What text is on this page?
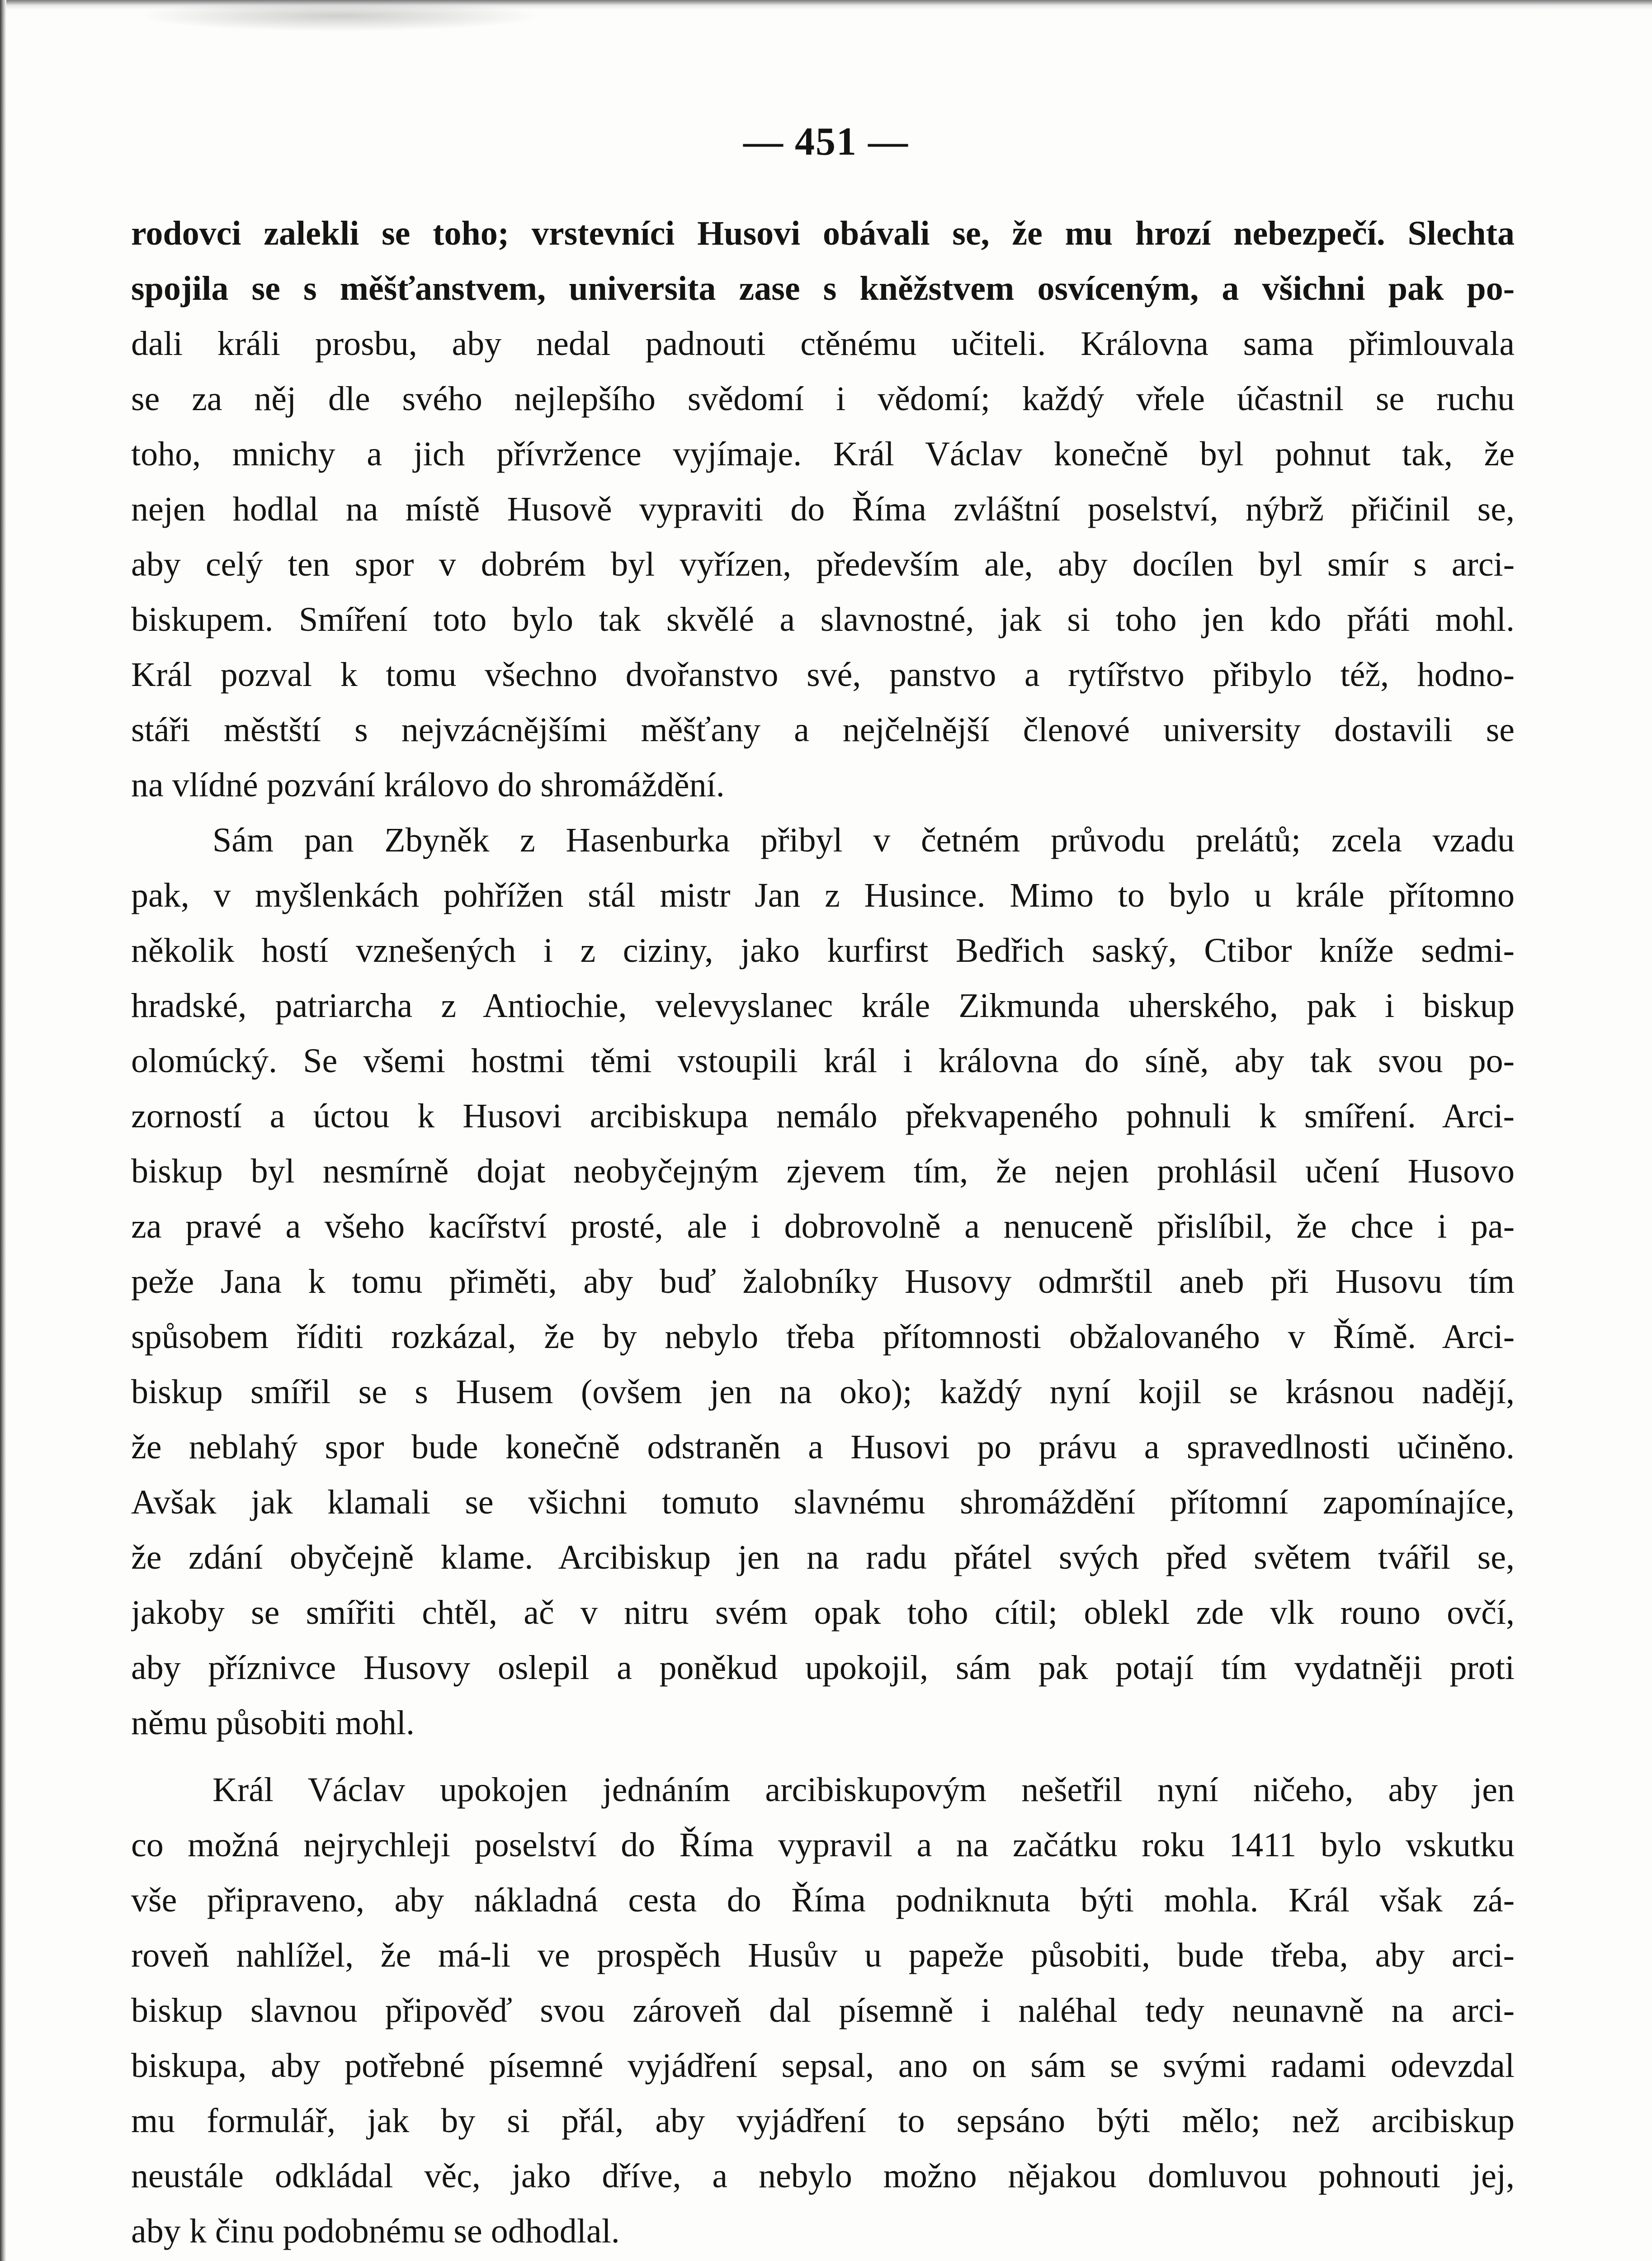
— 451 —
rodovci zalekli se toho; vrstevníci Husovi obávali se, že mu hrozí nebezpečí. Slechta
spojila se s měšťanstvem, universita zase s kněžstvem osvíceným, a všichni pak po-
dali králi prosbu, aby nedal padnouti ctěnému učiteli. Královna sama přimlouvala
se za něj dle svého nejlepšího svědomí i vědomí; každý vřele účastnil se ruchu
toho, mnichy a jich přívržence vyjímaje. Král Václav konečně byl pohnut tak, že
nejen hodlal na místě Husově vypraviti do Říma zvláštní poselství, nýbrž přičinil se,
aby celý ten spor v dobrém byl vyřízen, především ale, aby docílen byl smír s arci-
biskupem. Smíření toto bylo tak skvělé a slavnostné, jak si toho jen kdo přáti mohl.
Král pozval k tomu všechno dvořanstvo své, panstvo a rytířstvo přibylo též, hodno-
stáři městští s nejvzácnějšími měšťany a nejčelnější členové university dostavili se
na vlídné pozvání královo do shromáždění.
Sám pan Zbyněk z Hasenburka přibyl v četném průvodu prelátů; zcela vzadu
pak, v myšlenkách pohřížen stál mistr Jan z Husince. Mimo to bylo u krále přítomno
několik hostí vznešených i z ciziny, jako kurfirst Bedřich saský, Ctibor kníže sedmi-
hradské, patriarcha z Antiochie, velevyslanec krále Zikmunda uherského, pak i biskup
olomúcký. Se všemi hostmi těmi vstoupili král i královna do síně, aby tak svou po-
zorností a úctou k Husovi arcibiskupa nemálo překvapeného pohnuli k smíření. Arci-
biskup byl nesmírně dojat neobyčejným zjevem tím, že nejen prohlásil učení Husovo
za pravé a všeho kacířství prosté, ale i dobrovolně a nenuceně přislíbil, že chce i pa-
peže Jana k tomu přiměti, aby buď žalobníky Husovy odmrštil aneb při Husovu tím
spůsobem říditi rozkázal, že by nebylo třeba přítomnosti obžalovaného v Římě. Arci-
biskup smířil se s Husem (ovšem jen na oko); každý nyní kojil se krásnou nadějí,
že neblahý spor bude konečně odstraněn a Husovi po právu a spravedlnosti učiněno.
Avšak jak klamali se všichni tomuto slavnému shromáždění přítomní zapomínajíce,
že zdání obyčejně klame. Arcibiskup jen na radu přátel svých před světem tvářil se,
jakoby se smířiti chtěl, ač v nitru svém opak toho cítil; oblekl zde vlk rouno ovčí,
aby příznivce Husovy oslepil a poněkud upokojil, sám pak potají tím vydatněji proti
němu působiti mohl.
Král Václav upokojen jednáním arcibiskupovým nešetřil nyní ničeho, aby jen
co možná nejrychleji poselství do Říma vypravil a na začátku roku 1411 bylo vskutku
vše připraveno, aby nákladná cesta do Říma podniknuta býti mohla. Král však zá-
roveň nahlížel, že má-li ve prospěch Husův u papeže působiti, bude třeba, aby arci-
biskup slavnou připověď svou zároveň dal písemně i naléhal tedy neunavně na arci-
biskupa, aby potřebné písemné vyjádření sepsal, ano on sám se svými radami odevzdal
mu formulář, jak by si přál, aby vyjádření to sepsáno býti mělo; než arcibiskup
neustále odkládal věc, jako dříve, a nebylo možno nějakou domluvou pohnouti jej,
aby k činu podobnému se odhodlal.
